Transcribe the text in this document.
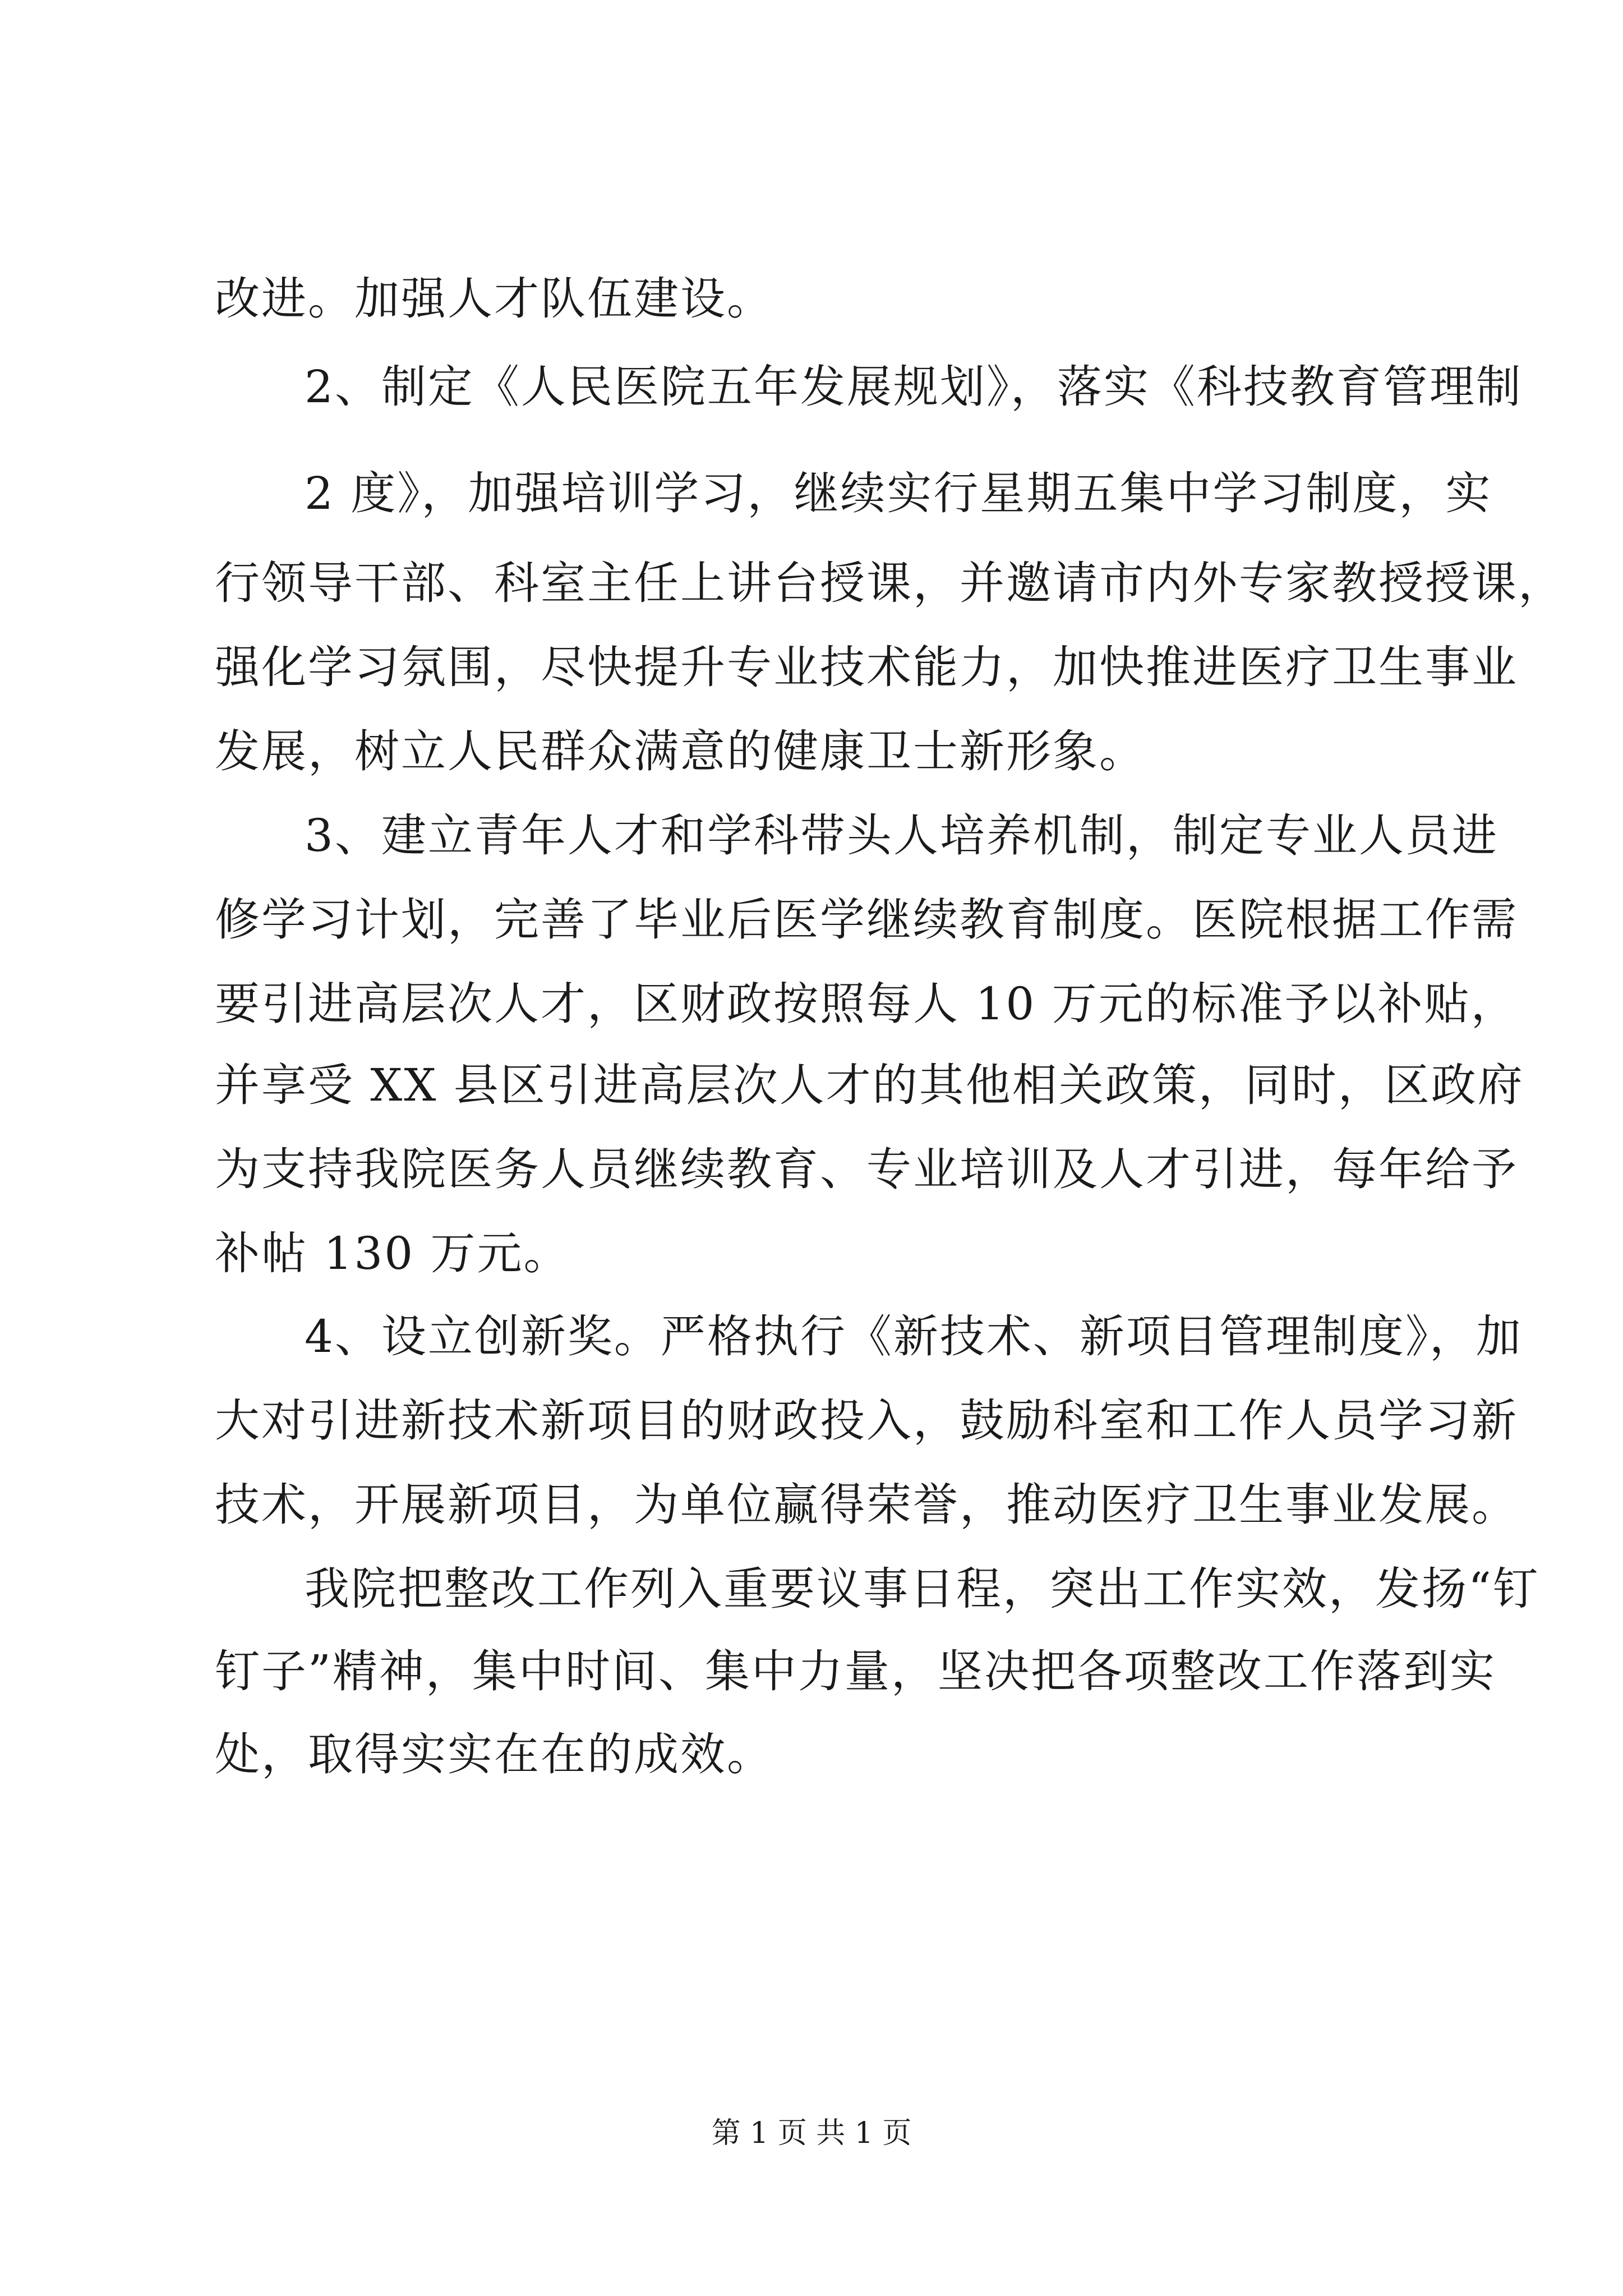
改进。加强人才队伍建设。
2、制定《人民医院五年发展规划》，落实《科技教育管理制
2 度》，加强培训学习，继续实行星期五集中学习制度，实
行领导干部、科室主任上讲台授课，并邀请市内外专家教授授课，
强化学习氛围，尽快提升专业技术能力，加快推进医疗卫生事业
发展，树立人民群众满意的健康卫士新形象。
3、建立青年人才和学科带头人培养机制，制定专业人员进
修学习计划，完善了毕业后医学继续教育制度。医院根据工作需
要引进高层次人才，区财政按照每人 10 万元的标准予以补贴，
并享受 XX 县区引进高层次人才的其他相关政策，同时，区政府
为支持我院医务人员继续教育、专业培训及人才引进，每年给予
补帖 130 万元。
4、设立创新奖。严格执行《新技术、新项目管理制度》，加
大对引进新技术新项目的财政投入，鼓励科室和工作人员学习新
技术，开展新项目，为单位赢得荣誉，推动医疗卫生事业发展。
我院把整改工作列入重要议事日程，突出工作实效，发扬“钉
钉子”精神，集中时间、集中力量，坚决把各项整改工作落到实
处，取得实实在在的成效。
第 1 页 共 1 页
